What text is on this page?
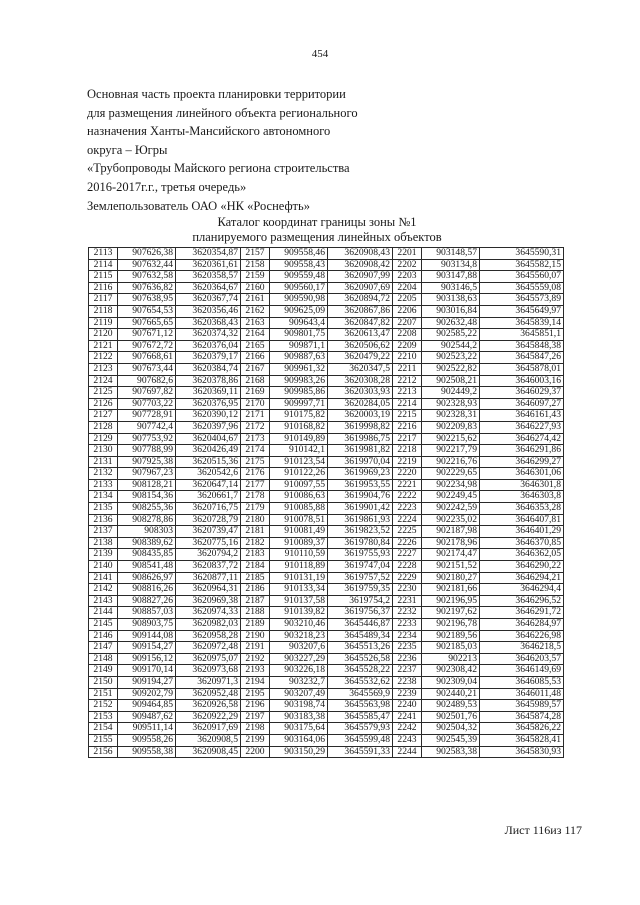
454
Основная часть проекта планировки территории
для размещения линейного объекта регионального
назначения Ханты-Мансийского автономного
округа – Югры
«Трубопроводы Майского региона строительства
2016-2017г.г., третья очередь»
Землепользователь ОАО «НК «Роснефть»
Каталог координат границы зоны №1
планируемого размещения линейных объектов
2113	907626,38	3620354,87	2157	909558,46	3620908,43	2201	903148,57	3645590,31
2114	907632,44	3620361,61	2158	909558,43	3620908,42	2202	903134,8	3645582,15
2115	907632,58	3620358,57	2159	909559,48	3620907,99	2203	903147,88	3645560,07
2116	907636,82	3620364,67	2160	909560,17	3620907,69	2204	903146,5	3645559,08
2117	907638,95	3620367,74	2161	909590,98	3620894,72	2205	903138,63	3645573,89
2118	907654,53	3620356,46	2162	909625,09	3620867,86	2206	903016,84	3645649,97
2119	907665,65	3620368,43	2163	909643,4	3620847,82	2207	902632,48	3645839,14
2120	907671,12	3620374,32	2164	909801,75	3620613,47	2208	902585,22	3645851,1
2121	907672,72	3620376,04	2165	909871,1	3620506,62	2209	902544,2	3645848,38
2122	907668,61	3620379,17	2166	909887,63	3620479,22	2210	902523,22	3645847,26
2123	907673,44	3620384,74	2167	909961,32	3620347,5	2211	902522,82	3645878,01
2124	907682,6	3620378,86	2168	909983,26	3620308,28	2212	902508,21	3646003,16
2125	907697,82	3620369,11	2169	909985,86	3620303,93	2213	902449,2	3646029,37
2126	907703,22	3620376,95	2170	909997,71	3620284,05	2214	902328,93	3646097,27
2127	907728,91	3620390,12	2171	910175,82	3620003,19	2215	902328,31	3646161,43
2128	907742,4	3620397,96	2172	910168,82	3619998,82	2216	902209,83	3646227,93
2129	907753,92	3620404,67	2173	910149,89	3619986,75	2217	902215,62	3646274,42
2130	907788,99	3620426,49	2174	910142,1	3619981,82	2218	902217,79	3646291,86
2131	907925,38	3620515,36	2175	910123,54	3619970,04	2219	902216,76	3646299,27
2132	907967,23	3620542,6	2176	910122,26	3619969,23	2220	902229,65	3646301,06
2133	908128,21	3620647,14	2177	910097,55	3619953,55	2221	902234,98	3646301,8
2134	908154,36	3620661,7	2178	910086,63	3619904,76	2222	902249,45	3646303,8
2135	908255,36	3620716,75	2179	910085,88	3619901,42	2223	902242,59	3646353,28
2136	908278,86	3620728,79	2180	910078,51	3619861,93	2224	902235,02	3646407,81
2137	908303	3620739,47	2181	910081,49	3619823,52	2225	902187,98	3646401,29
2138	908389,62	3620775,16	2182	910089,37	3619780,84	2226	902178,96	3646370,85
2139	908435,85	3620794,2	2183	910110,59	3619755,93	2227	902174,47	3646362,05
2140	908541,48	3620837,72	2184	910118,89	3619747,04	2228	902151,52	3646290,22
2141	908626,97	3620877,11	2185	910131,19	3619757,52	2229	902180,27	3646294,21
2142	908816,26	3620964,31	2186	910133,34	3619759,35	2230	902181,66	3646294,4
2143	908827,26	3620969,38	2187	910137,58	3619754,2	2231	902196,95	3646296,52
2144	908857,03	3620974,33	2188	910139,82	3619756,37	2232	902197,62	3646291,72
2145	908903,75	3620982,03	2189	903210,46	3645446,87	2233	902196,78	3646284,97
2146	909144,08	3620958,28	2190	903218,23	3645489,34	2234	902189,56	3646226,98
2147	909154,27	3620972,48	2191	903207,6	3645513,26	2235	902185,03	3646218,5
2148	909156,12	3620975,07	2192	903227,29	3645526,58	2236	902213	3646203,57
2149	909170,14	3620973,68	2193	903226,18	3645528,22	2237	902308,42	3646149,69
2150	909194,27	3620971,3	2194	903232,7	3645532,62	2238	902309,04	3646085,53
2151	909202,79	3620952,48	2195	903207,49	3645569,9	2239	902440,21	3646011,48
2152	909464,85	3620926,58	2196	903198,74	3645563,98	2240	902489,53	3645989,57
2153	909487,62	3620922,29	2197	903183,38	3645585,47	2241	902501,76	3645874,28
2154	909511,14	3620917,69	2198	903175,64	3645579,93	2242	902504,32	3645826,22
2155	909558,26	3620908,5	2199	903164,06	3645599,48	2243	902545,39	3645828,41
2156	909558,38	3620908,45	2200	903150,29	3645591,33	2244	902583,38	3645830,93
Лист 116из 117
